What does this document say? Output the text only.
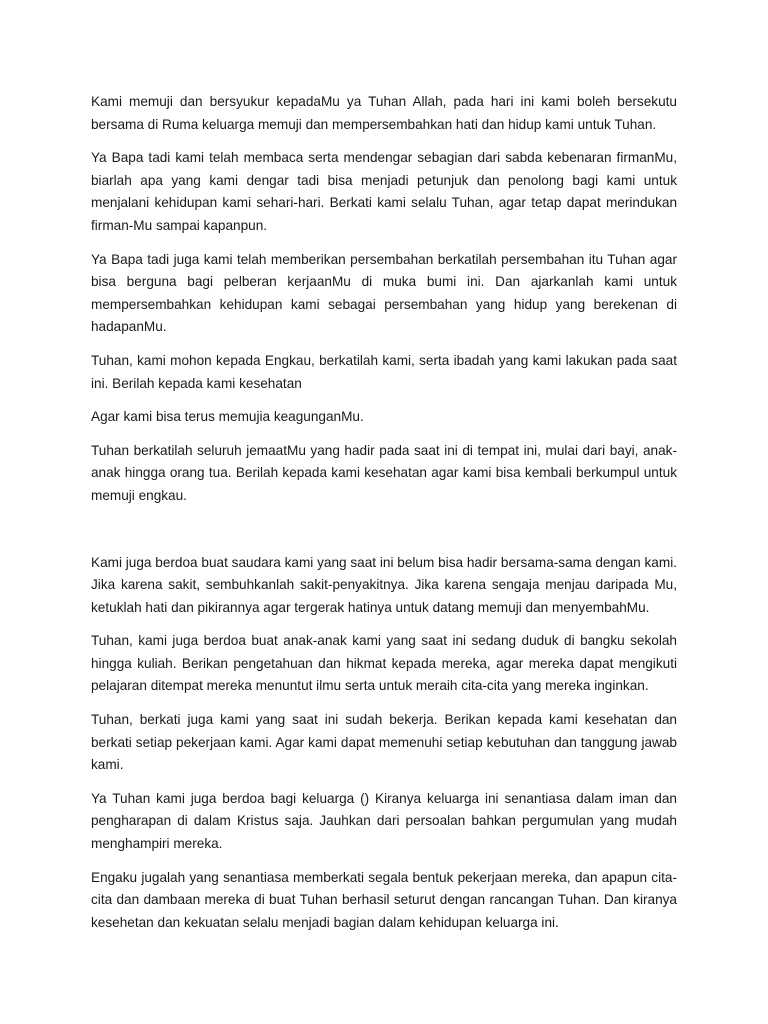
Kami memuji dan bersyukur kepadaMu ya Tuhan Allah, pada hari ini kami boleh bersekutu bersama di Ruma keluarga memuji dan mempersembahkan hati dan hidup kami untuk Tuhan.

Ya Bapa tadi kami telah membaca serta mendengar sebagian dari sabda kebenaran firmanMu, biarlah apa yang kami dengar tadi bisa menjadi petunjuk dan penolong bagi kami untuk menjalani kehidupan kami sehari-hari. Berkati kami selalu Tuhan, agar tetap dapat merindukan firman-Mu sampai kapanpun.

Ya Bapa tadi juga kami telah memberikan persembahan berkatilah persembahan itu Tuhan agar bisa berguna bagi pelberan kerjaanMu di muka bumi ini. Dan ajarkanlah kami untuk mempersembahkan kehidupan kami sebagai persembahan yang hidup yang berekenan di hadapanMu.

Tuhan, kami mohon kepada Engkau, berkatilah kami, serta ibadah yang kami lakukan pada saat ini. Berilah kepada kami kesehatan

Agar kami bisa terus memujia keagunganMu.

Tuhan berkatilah seluruh jemaatMu yang hadir pada saat ini di tempat ini, mulai dari bayi, anak-anak hingga orang tua. Berilah kepada kami kesehatan agar kami bisa kembali berkumpul untuk memuji engkau.

Kami juga berdoa buat saudara kami yang saat ini belum bisa hadir bersama-sama dengan kami. Jika karena sakit, sembuhkanlah sakit-penyakitnya. Jika karena sengaja menjau daripada Mu, ketuklah hati dan pikirannya agar tergerak hatinya untuk datang memuji dan menyembahMu.

Tuhan, kami juga berdoa buat anak-anak kami yang saat ini sedang duduk di bangku sekolah hingga kuliah. Berikan pengetahuan dan hikmat kepada mereka, agar mereka dapat mengikuti pelajaran ditempat mereka menuntut ilmu serta untuk meraih cita-cita yang mereka inginkan.

Tuhan, berkati juga kami yang saat ini sudah bekerja. Berikan kepada kami kesehatan dan berkati setiap pekerjaan kami. Agar kami dapat memenuhi setiap kebutuhan dan tanggung jawab kami.

Ya Tuhan kami juga berdoa bagi keluarga () Kiranya keluarga ini senantiasa dalam iman dan pengharapan di dalam Kristus saja. Jauhkan dari persoalan bahkan pergumulan yang mudah menghampiri mereka.

Engaku jugalah yang senantiasa memberkati segala bentuk pekerjaan mereka, dan apapun cita-cita dan dambaan mereka di buat Tuhan berhasil seturut dengan rancangan Tuhan. Dan kiranya kesehetan dan kekuatan selalu menjadi bagian dalam kehidupan keluarga ini.
